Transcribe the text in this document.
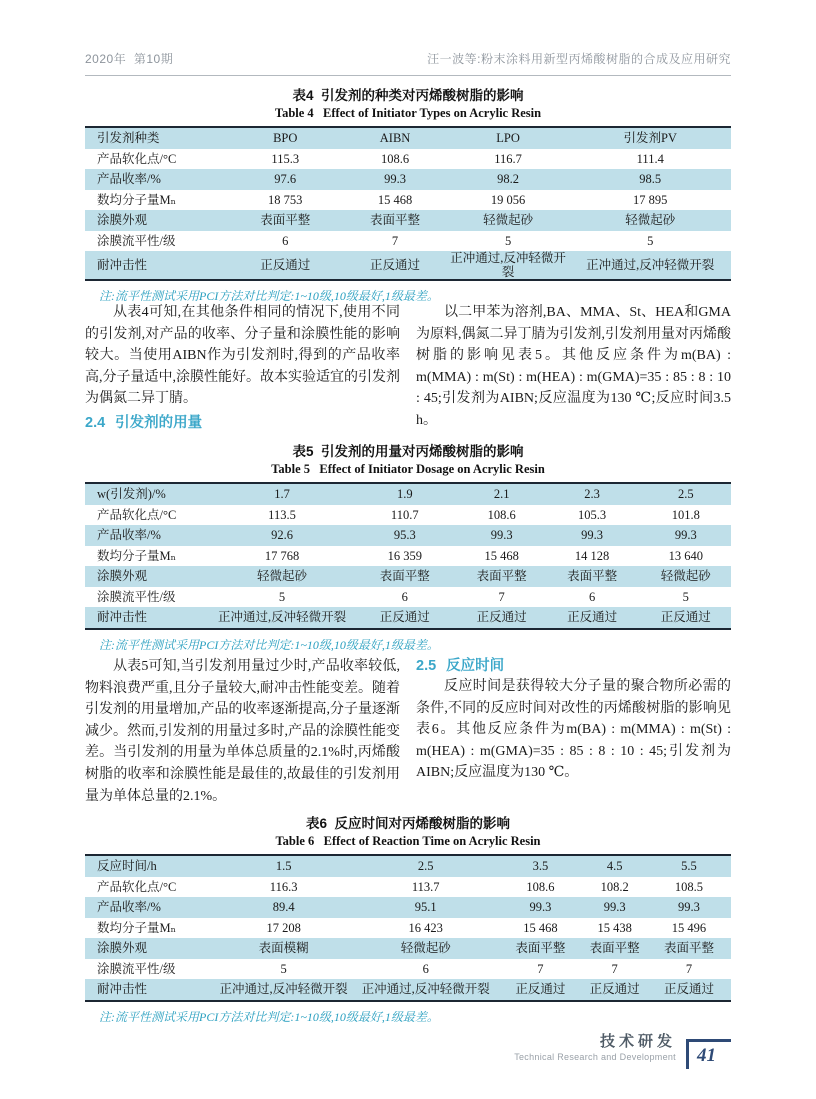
2020年  第10期	汪一波等:粉末涂料用新型丙烯酸树脂的合成及应用研究
表4  引发剂的种类对丙烯酸树脂的影响
Table 4   Effect of Initiator Types on Acrylic Resin
引发剂种类	BPO	AIBN	LPO	引发剂PV
产品软化点/°C	115.3	108.6	116.7	111.4
产品收率/%	97.6	99.3	98.2	98.5
数均分子量Mₙ	18 753	15 468	19 056	17 895
涂膜外观	表面平整	表面平整	轻微起砂	轻微起砂
涂膜流平性/级	6	7	5	5
耐冲击性	正反通过	正反通过	正冲通过,反冲轻微开裂	正冲通过,反冲轻微开裂
注:流平性测试采用PCI方法对比判定:1~10级,10级最好,1级最差。
从表4可知,在其他条件相同的情况下,使用不同的引发剂,对产品的收率、分子量和涂膜性能的影响较大。当使用AIBN作为引发剂时,得到的产品收率高,分子量适中,涂膜性能好。故本实验适宜的引发剂为偶氮二异丁腈。
2.4 引发剂的用量
以二甲苯为溶剂,BA、MMA、St、HEA和GMA为原料,偶氮二异丁腈为引发剂,引发剂用量对丙烯酸树脂的影响见表5。其他反应条件为m(BA) : m(MMA) : m(St) : m(HEA) : m(GMA)=35 : 85 : 8 : 10 : 45;引发剂为AIBN;反应温度为130 ℃;反应时间3.5 h。
表5  引发剂的用量对丙烯酸树脂的影响
Table 5   Effect of Initiator Dosage on Acrylic Resin
w(引发剂)/%	1.7	1.9	2.1	2.3	2.5
产品软化点/°C	113.5	110.7	108.6	105.3	101.8
产品收率/%	92.6	95.3	99.3	99.3	99.3
数均分子量Mₙ	17 768	16 359	15 468	14 128	13 640
涂膜外观	轻微起砂	表面平整	表面平整	表面平整	轻微起砂
涂膜流平性/级	5	6	7	6	5
耐冲击性	正冲通过,反冲轻微开裂	正反通过	正反通过	正反通过	正反通过
注:流平性测试采用PCI方法对比判定:1~10级,10级最好,1级最差。
从表5可知,当引发剂用量过少时,产品收率较低,物料浪费严重,且分子量较大,耐冲击性能变差。随着引发剂的用量增加,产品的收率逐渐提高,分子量逐渐减少。然而,引发剂的用量过多时,产品的涂膜性能变差。当引发剂的用量为单体总质量的2.1%时,丙烯酸树脂的收率和涂膜性能是最佳的,故最佳的引发剂用量为单体总量的2.1%。
2.5 反应时间
反应时间是获得较大分子量的聚合物所必需的条件,不同的反应时间对改性的丙烯酸树脂的影响见表6。其他反应条件为m(BA) : m(MMA) : m(St) : m(HEA) : m(GMA)=35 : 85 : 8 : 10 : 45;引发剂为AIBN;反应温度为130 ℃。
表6  反应时间对丙烯酸树脂的影响
Table 6   Effect of Reaction Time on Acrylic Resin
反应时间/h	1.5	2.5	3.5	4.5	5.5
产品软化点/°C	116.3	113.7	108.6	108.2	108.5
产品收率/%	89.4	95.1	99.3	99.3	99.3
数均分子量Mₙ	17 208	16 423	15 468	15 438	15 496
涂膜外观	表面模糊	轻微起砂	表面平整	表面平整	表面平整
涂膜流平性/级	5	6	7	7	7
耐冲击性	正冲通过,反冲轻微开裂	正冲通过,反冲轻微开裂	正反通过	正反通过	正反通过
注:流平性测试采用PCI方法对比判定:1~10级,10级最好,1级最差。
技术研发
Technical Research and Development	41
